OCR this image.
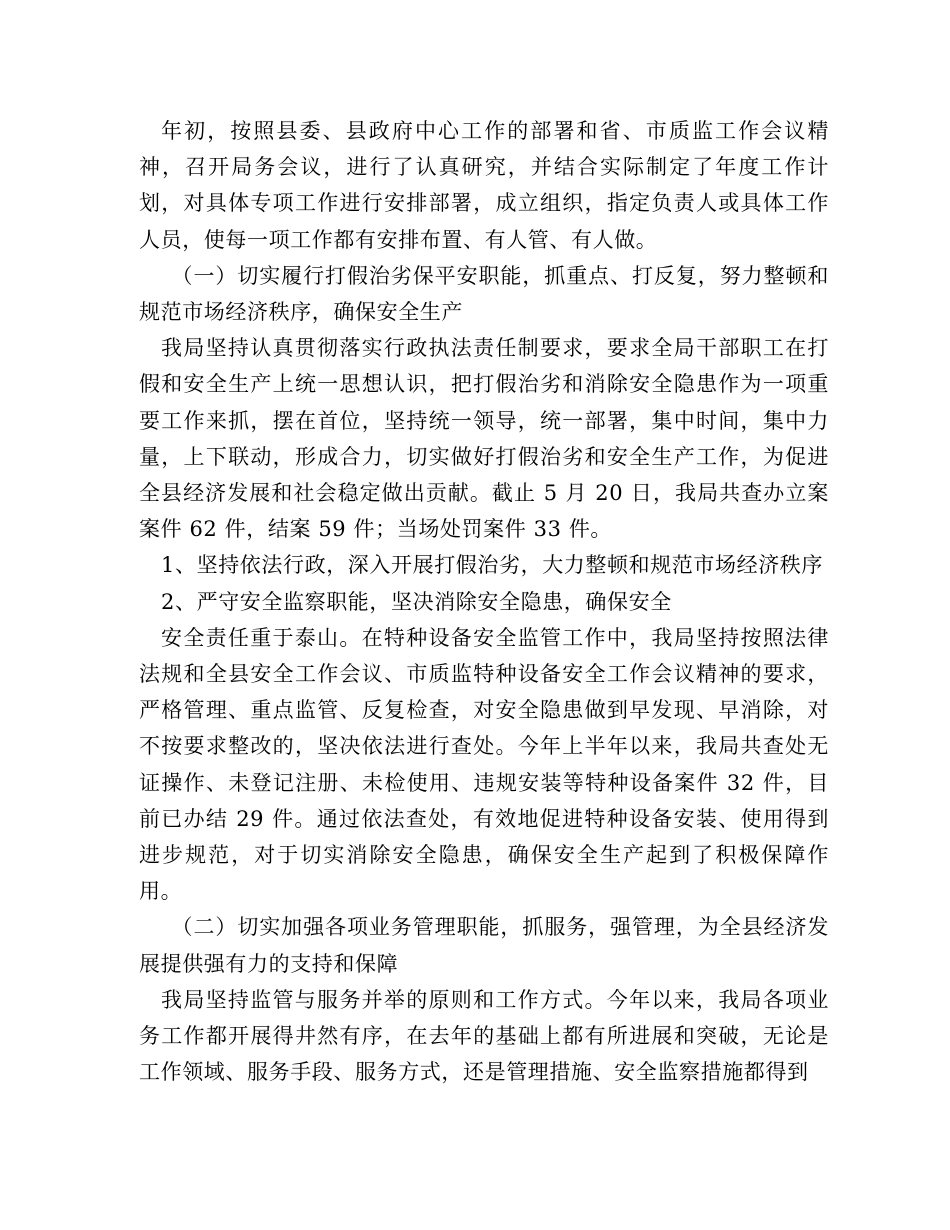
年初，按照县委、县政府中心工作的部署和省、市质监工作会议精神，召开局务会议，进行了认真研究，并结合实际制定了年度工作计划，对具体专项工作进行安排部署，成立组织，指定负责人或具体工作人员，使每一项工作都有安排布置、有人管、有人做。

（一）切实履行打假治劣保平安职能，抓重点、打反复，努力整顿和规范市场经济秩序，确保安全生产

我局坚持认真贯彻落实行政执法责任制要求，要求全局干部职工在打假和安全生产上统一思想认识，把打假治劣和消除安全隐患作为一项重要工作来抓，摆在首位，坚持统一领导，统一部署，集中时间，集中力量，上下联动，形成合力，切实做好打假治劣和安全生产工作，为促进全县经济发展和社会稳定做出贡献。截止 5 月 20 日，我局共查办立案案件 62 件，结案 59 件；当场处罚案件 33 件。

1、坚持依法行政，深入开展打假治劣，大力整顿和规范市场经济秩序

2、严守安全监察职能，坚决消除安全隐患，确保安全

安全责任重于泰山。在特种设备安全监管工作中，我局坚持按照法律法规和全县安全工作会议、市质监特种设备安全工作会议精神的要求，严格管理、重点监管、反复检查，对安全隐患做到早发现、早消除，对不按要求整改的，坚决依法进行查处。今年上半年以来，我局共查处无证操作、未登记注册、未检使用、违规安装等特种设备案件 32 件，目前已办结 29 件。通过依法查处，有效地促进特种设备安装、使用得到进步规范，对于切实消除安全隐患，确保安全生产起到了积极保障作用。

（二）切实加强各项业务管理职能，抓服务，强管理，为全县经济发展提供强有力的支持和保障

我局坚持监管与服务并举的原则和工作方式。今年以来，我局各项业务工作都开展得井然有序，在去年的基础上都有所进展和突破，无论是工作领域、服务手段、服务方式，还是管理措施、安全监察措施都得到
